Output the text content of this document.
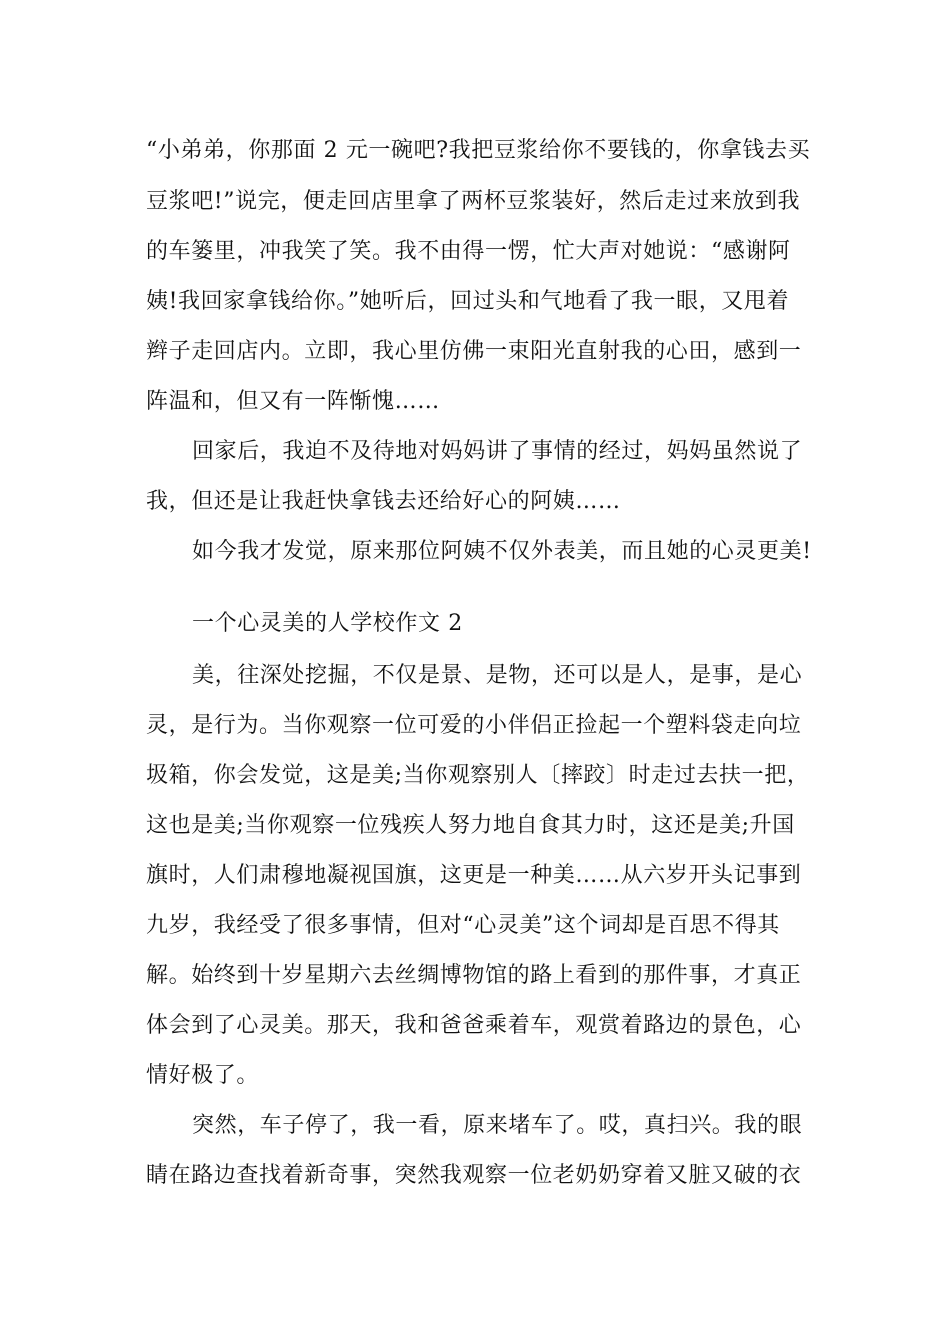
“小弟弟，你那面 2 元一碗吧?我把豆浆给你不要钱的，你拿钱去买
豆浆吧!”说完，便走回店里拿了两杯豆浆装好，然后走过来放到我
的车篓里，冲我笑了笑。我不由得一愣，忙大声对她说：“感谢阿
姨!我回家拿钱给你。”她听后，回过头和气地看了我一眼，又甩着
辫子走回店内。立即，我心里仿佛一束阳光直射我的心田，感到一
阵温和，但又有一阵惭愧……
回家后，我迫不及待地对妈妈讲了事情的经过，妈妈虽然说了
我，但还是让我赶快拿钱去还给好心的阿姨……
如今我才发觉，原来那位阿姨不仅外表美，而且她的心灵更美!
一个心灵美的人学校作文 2
美，往深处挖掘，不仅是景、是物，还可以是人，是事，是心
灵，是行为。当你观察一位可爱的小伴侣正捡起一个塑料袋走向垃
圾箱，你会发觉，这是美;当你观察别人〔摔跤〕时走过去扶一把，
这也是美;当你观察一位残疾人努力地自食其力时，这还是美;升国
旗时，人们肃穆地凝视国旗，这更是一种美……从六岁开头记事到
九岁，我经受了很多事情，但对“心灵美”这个词却是百思不得其
解。始终到十岁星期六去丝绸博物馆的路上看到的那件事，才真正
体会到了心灵美。那天，我和爸爸乘着车，观赏着路边的景色，心
情好极了。
突然，车子停了，我一看，原来堵车了。哎，真扫兴。我的眼
睛在路边查找着新奇事，突然我观察一位老奶奶穿着又脏又破的衣
